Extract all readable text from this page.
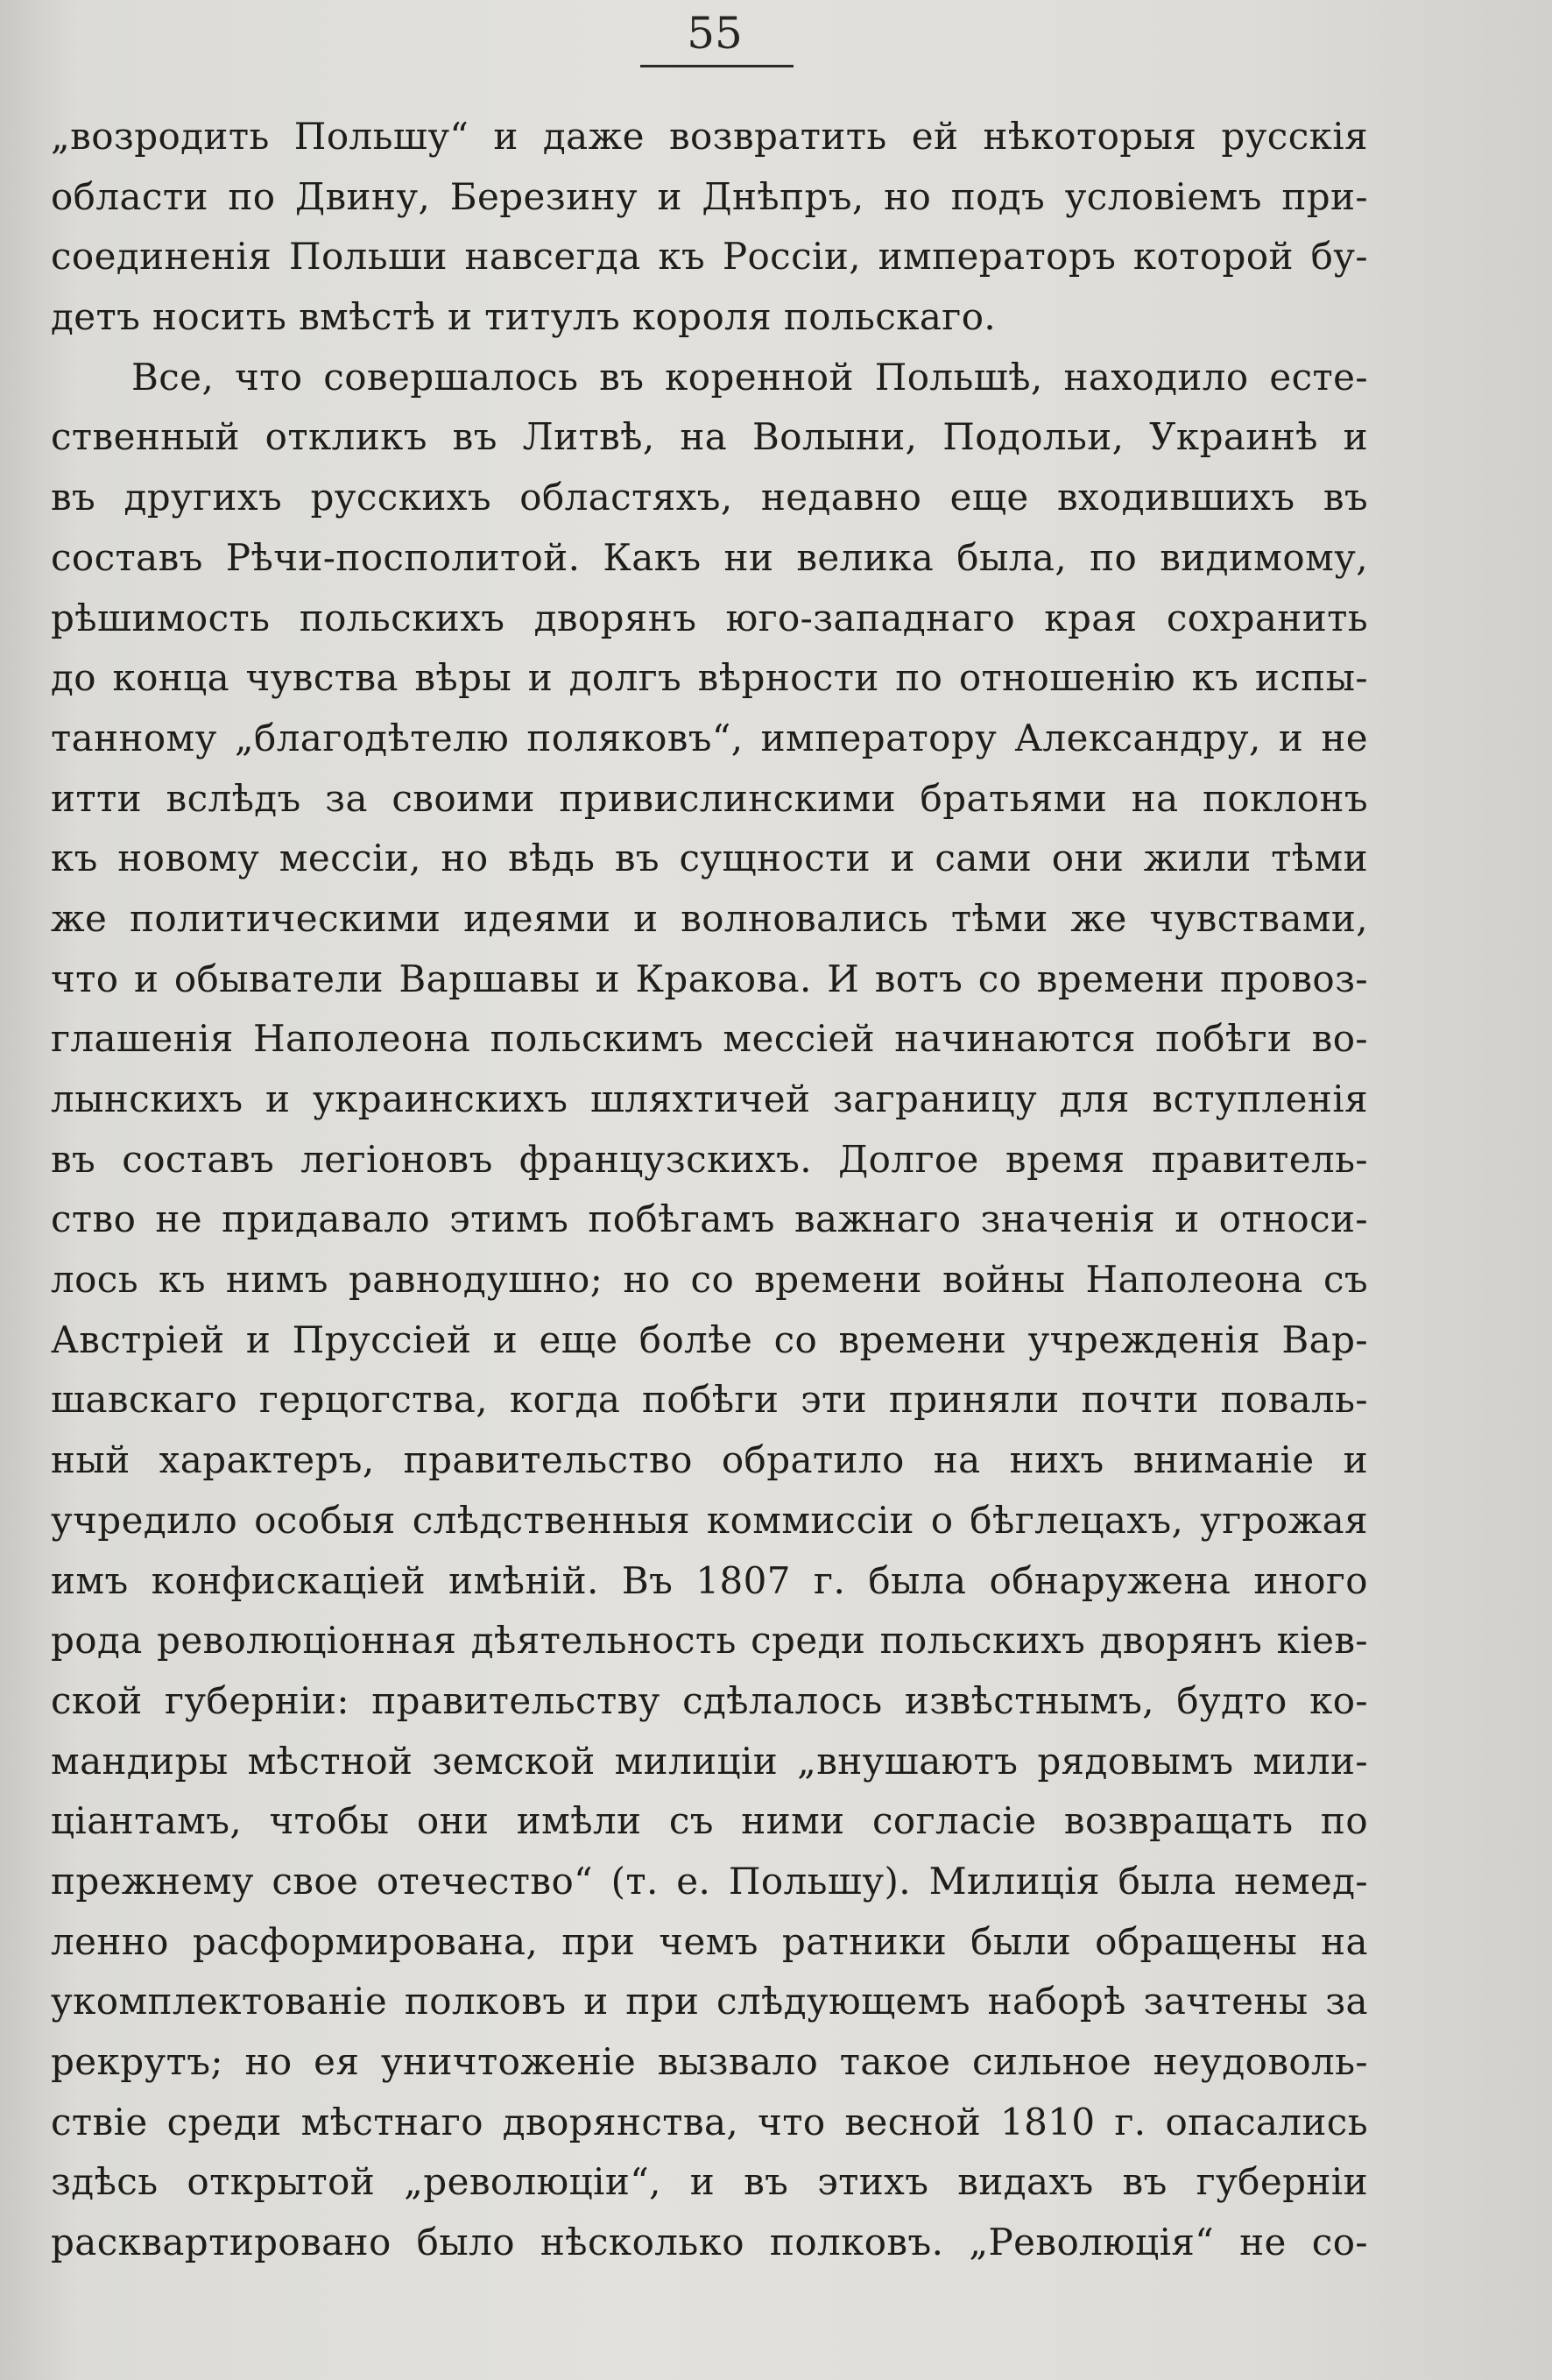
55
„возродить Польшу“ и даже возвратить ей нѣкоторыя русскія
области по Двину, Березину и Днѣпръ, но подъ условіемъ при-
соединенія Польши навсегда къ Россіи, императоръ которой бу-
детъ носить вмѣстѣ и титулъ короля польскаго.
Все, что совершалось въ коренной Польшѣ, находило есте-
ственный откликъ въ Литвѣ, на Волыни, Подольи, Украинѣ и
въ другихъ русскихъ областяхъ, недавно еще входившихъ въ
составъ Рѣчи-посполитой. Какъ ни велика была, по видимому,
рѣшимость польскихъ дворянъ юго-западнаго края сохранить
до конца чувства вѣры и долгъ вѣрности по отношенію къ испы-
танному „благодѣтелю поляковъ“, императору Александру, и не
итти вслѣдъ за своими привислинскими братьями на поклонъ
къ новому мессіи, но вѣдь въ сущности и сами они жили тѣми
же политическими идеями и волновались тѣми же чувствами,
что и обыватели Варшавы и Кракова. И вотъ со времени провоз-
глашенія Наполеона польскимъ мессіей начинаются побѣги во-
лынскихъ и украинскихъ шляхтичей заграницу для вступленія
въ составъ легіоновъ французскихъ. Долгое время правитель-
ство не придавало этимъ побѣгамъ важнаго значенія и относи-
лось къ нимъ равнодушно; но со времени войны Наполеона съ
Австріей и Пруссіей и еще болѣе со времени учрежденія Вар-
шавскаго герцогства, когда побѣги эти приняли почти поваль-
ный характеръ, правительство обратило на нихъ вниманіе и
учредило особыя слѣдственныя коммиссіи о бѣглецахъ, угрожая
имъ конфискаціей имѣній. Въ 1807 г. была обнаружена иного
рода революціонная дѣятельность среди польскихъ дворянъ кіев-
ской губерніи: правительству сдѣлалось извѣстнымъ, будто ко-
мандиры мѣстной земской милиціи „внушаютъ рядовымъ мили-
ціантамъ, чтобы они имѣли съ ними согласіе возвращать по
прежнему свое отечество“ (т. е. Польшу). Милиція была немед-
ленно расформирована, при чемъ ратники были обращены на
укомплектованіе полковъ и при слѣдующемъ наборѣ зачтены за
рекрутъ; но ея уничтоженіе вызвало такое сильное неудоволь-
ствіе среди мѣстнаго дворянства, что весной 1810 г. опасались
здѣсь открытой „революціи“, и въ этихъ видахъ въ губерніи
расквартировано было нѣсколько полковъ. „Революція“ не со-
